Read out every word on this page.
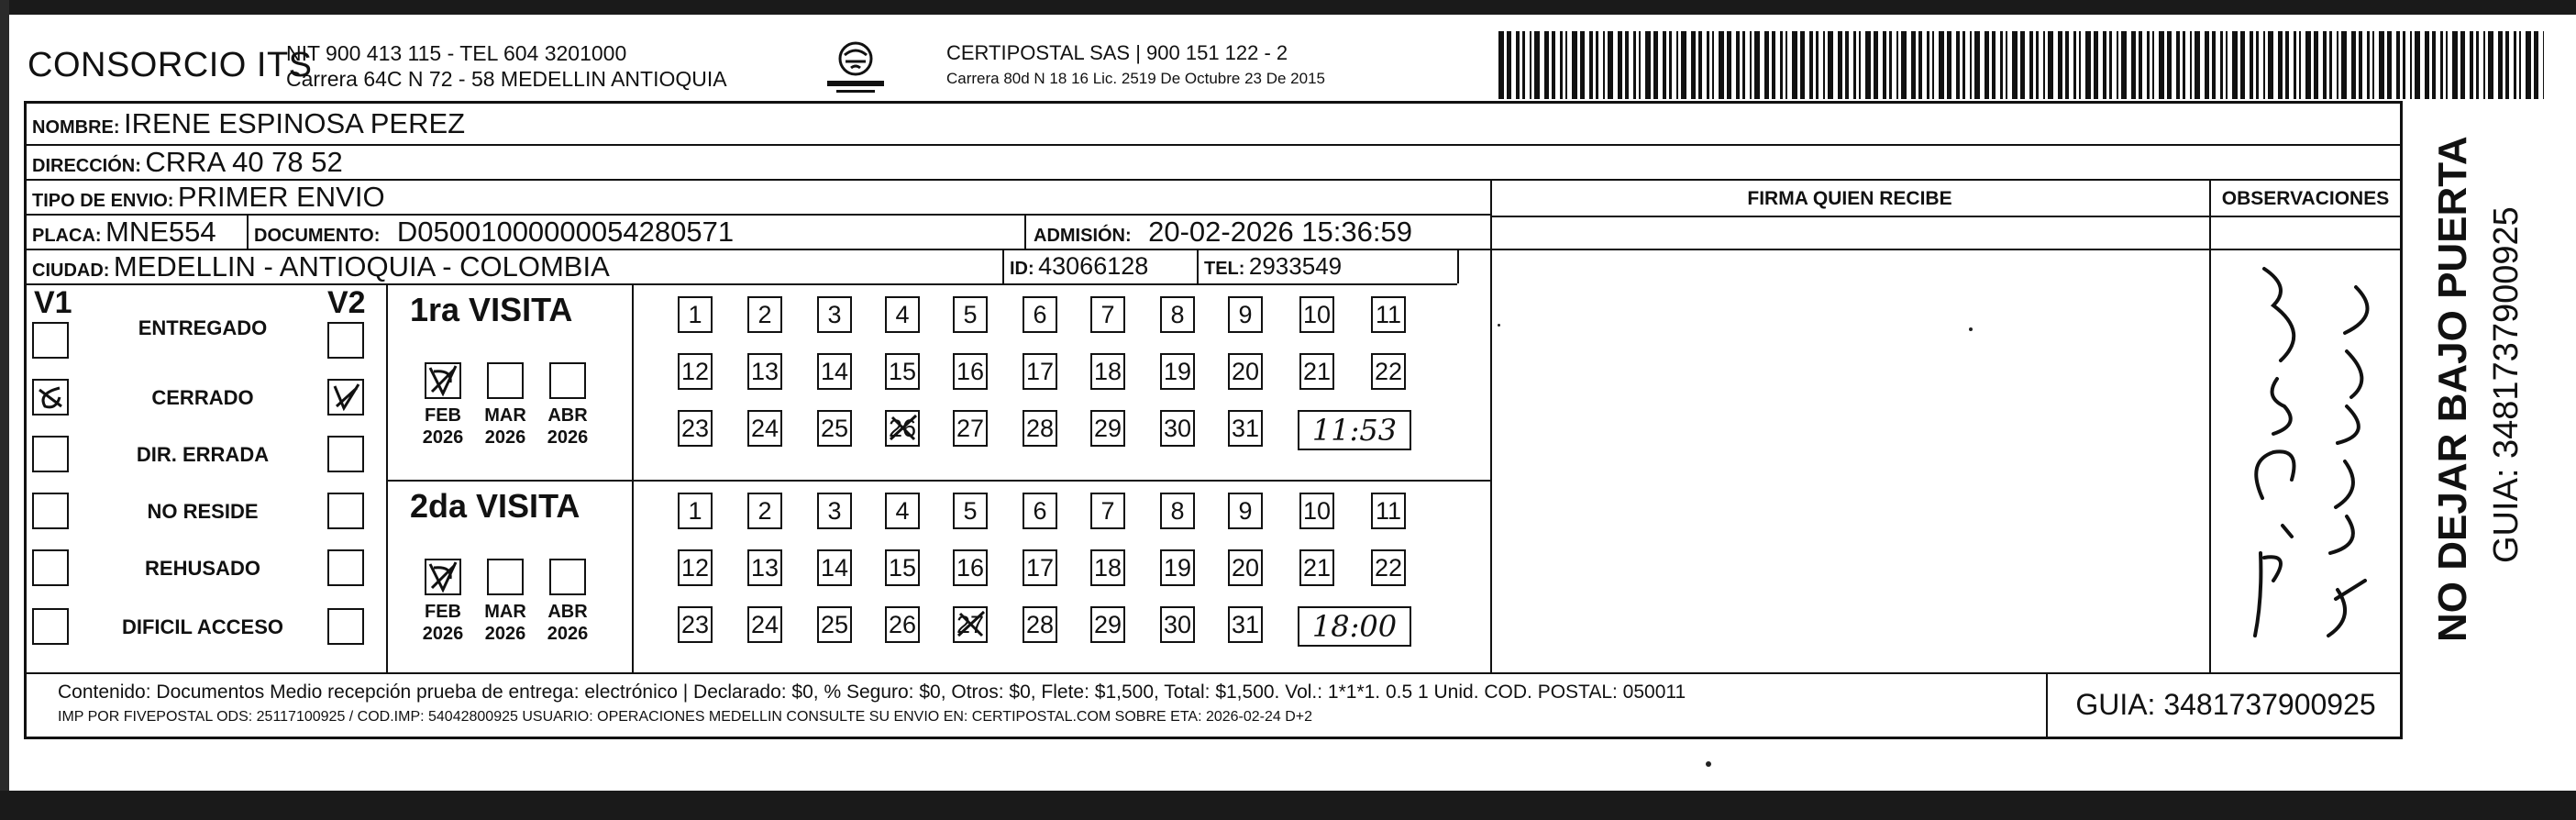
CONSORCIO ITS
NIT 900 413 115 - TEL 604 3201000
Carrera 64C N 72 - 58 MEDELLIN ANTIOQUIA
CERTIPOSTAL SAS | 900 151 122 - 2
Carrera 80d N 18 16 Lic. 2519 De Octubre 23 De 2015
NOMBRE: IRENE ESPINOSA PEREZ
DIRECCIÓN: CRRA 40 78 52
TIPO DE ENVIO: PRIMER ENVIO
PLACA: MNE554 DOCUMENTO: D05001000000054280571	ADMISIÓN: 20-02-2026 15:36:59
CIUDAD: MEDELLIN - ANTIOQUIA - COLOMBIA	ID: 43066128	TEL: 2933549
FIRMA QUIEN RECIBE	OBSERVACIONES
V1	V2
ENTREGADO
CERRADO
DIR. ERRADA
NO RESIDE
REHUSADO
DIFICIL ACCESO
1ra VISITA
FEB
2026
MAR
2026
ABR
2026
1	2	3	4	5	6	7	8	9	10 11
12 13 14 15 16 17 18 19 20 21 22
23 24 25 26 27 28 29 30 31	11:53
2da VISITA
FEB
2026
MAR
2026
ABR
2026
1	2	3	4	5	6	7	8	9	10 11
12 13 14 15 16 17 18 19 20 21 22
23 24 25 26 27 28 29 30 31	18:00
Contenido: Documentos Medio recepción prueba de entrega: electrónico | Declarado: $0, % Seguro: $0, Otros: $0, Flete: $1,500, Total: $1,500. Vol.: 1*1*1. 0.5 1 Unid. COD. POSTAL: 050011
IMP POR FIVEPOSTAL ODS: 25117100925 / COD.IMP: 54042800925 USUARIO: OPERACIONES MEDELLIN CONSULTE SU ENVIO EN: CERTIPOSTAL.COM SOBRE ETA: 2026-02-24 D+2	GUIA: 3481737900925
NO DEJAR BAJO PUERTA GUIA: 3481737900925
